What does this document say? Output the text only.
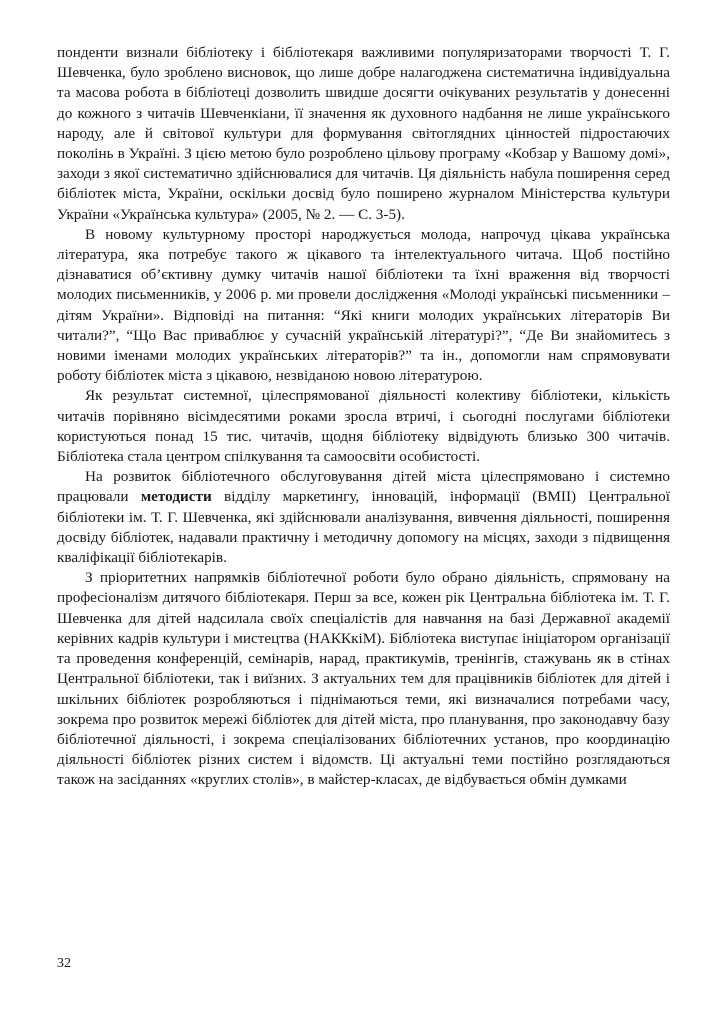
понденти визнали бібліотеку і бібліотекаря важливими популяризаторами творчості Т. Г. Шевченка, було зроблено висновок, що лише добре налагоджена систематична індивідуальна та масова робота в бібліотеці дозволить швидше досягти очікуваних результатів у донесенні до кожного з читачів Шевченкіани, її значення як духовного надбання не лише українського народу, але й світової культури для формування світоглядних цінностей підростаючих поколінь в Україні. З цією метою було розроблено цільову програму «Кобзар у Вашому домі», заходи з якої систематично здійснювалися для читачів. Ця діяльність набула поширення серед бібліотек міста, України, оскільки досвід було поширено журналом Міністерства культури України «Українська культура» (2005, № 2. — С. 3-5).

В новому культурному просторі народжується молода, напрочуд цікава українська література, яка потребує такого ж цікавого та інтелектуального читача. Щоб постійно дізнаватися об’єктивну думку читачів нашої бібліотеки та їхні враження від творчості молодих письменників, у 2006 р. ми провели дослідження «Молоді українські письменники – дітям України». Відповіді на питання: “Які книги молодих українських літераторів Ви читали?”, “Що Вас приваблює у сучасній українській літературі?”, “Де Ви знайомитесь з новими іменами молодих українських літераторів?” та ін., допомогли нам спрямовувати роботу бібліотек міста з цікавою, незвіданою новою літературою.

Як результат системної, цілеспрямованої діяльності колективу бібліотеки, кількість читачів порівняно вісімдесятими роками зросла втричі, і сьогодні послугами бібліотеки користуються понад 15 тис. читачів, щодня бібліотеку відвідують близько 300 читачів. Бібліотека стала центром спілкування та самоосвіти особистості.

На розвиток бібліотечного обслуговування дітей міста цілеспрямовано і системно працювали методисти відділу маркетингу, інновацій, інформації (ВМІІ) Центральної бібліотеки ім. Т. Г. Шевченка, які здійснювали аналізування, вивчення діяльності, поширення досвіду бібліотек, надавали практичну і методичну допомогу на місцях, заходи з підвищення кваліфікації бібліотекарів.

З пріоритетних напрямків бібліотечної роботи було обрано діяльність, спрямовану на професіоналізм дитячого бібліотекаря. Перш за все, кожен рік Центральна бібліотека ім. Т. Г. Шевченка для дітей надсилала своїх спеціалістів для навчання на базі Державної академії керівних кадрів культури і мистецтва (НАККкіМ). Бібліотека виступає ініціатором організації та проведення конференцій, семінарів, нарад, практикумів, тренінгів, стажувань як в стінах Центральної бібліотеки, так і виїзних. З актуальних тем для працівників бібліотек для дітей і шкільних бібліотек розробляються і піднімаються теми, які визначалися потребами часу, зокрема про розвиток мережі бібліотек для дітей міста, про планування, про законодавчу базу бібліотечної діяльності, і зокрема спеціалізованих бібліотечних установ, про координацію діяльності бібліотек різних систем і відомств. Ці актуальні теми постійно розглядаються також на засіданнях «круглих столів», в майстер-класах, де відбувається обмін думками

32
